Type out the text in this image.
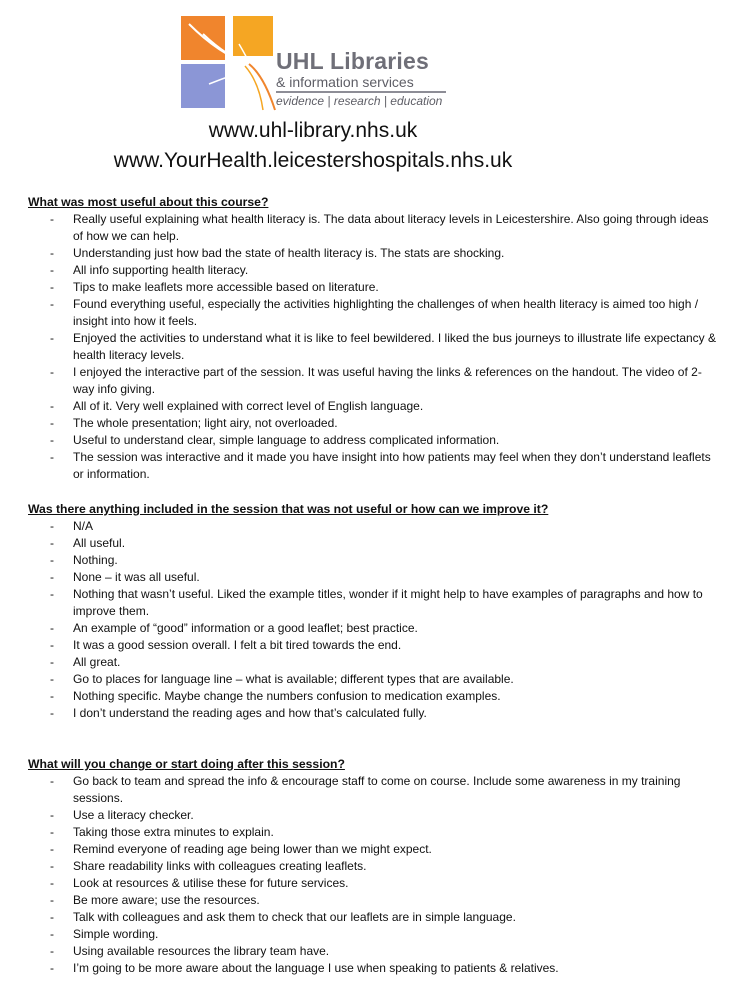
UHL Libraries
& information services
evidence | research | education
www.uhl-library.nhs.uk
www.YourHealth.leicestershospitals.nhs.uk
What was most useful about this course?
- Really useful explaining what health literacy is. The data about literacy levels in Leicestershire. Also going through ideas of how we can help.
- Understanding just how bad the state of health literacy is. The stats are shocking.
- All info supporting health literacy.
- Tips to make leaflets more accessible based on literature.
- Found everything useful, especially the activities highlighting the challenges of when health literacy is aimed too high / insight into how it feels.
- Enjoyed the activities to understand what it is like to feel bewildered. I liked the bus journeys to illustrate life expectancy & health literacy levels.
- I enjoyed the interactive part of the session. It was useful having the links & references on the handout. The video of 2-way info giving.
- All of it. Very well explained with correct level of English language.
- The whole presentation; light airy, not overloaded.
- Useful to understand clear, simple language to address complicated information.
- The session was interactive and it made you have insight into how patients may feel when they don’t understand leaflets or information.
Was there anything included in the session that was not useful or how can we improve it?
- N/A
- All useful.
- Nothing.
- None – it was all useful.
- Nothing that wasn’t useful. Liked the example titles, wonder if it might help to have examples of paragraphs and how to improve them.
- An example of “good” information or a good leaflet; best practice.
- It was a good session overall. I felt a bit tired towards the end.
- All great.
- Go to places for language line – what is available; different types that are available.
- Nothing specific. Maybe change the numbers confusion to medication examples.
- I don’t understand the reading ages and how that’s calculated fully.
What will you change or start doing after this session?
- Go back to team and spread the info & encourage staff to come on course. Include some awareness in my training sessions.
- Use a literacy checker.
- Taking those extra minutes to explain.
- Remind everyone of reading age being lower than we might expect.
- Share readability links with colleagues creating leaflets.
- Look at resources & utilise these for future services.
- Be more aware; use the resources.
- Talk with colleagues and ask them to check that our leaflets are in simple language.
- Simple wording.
- Using available resources the library team have.
- I’m going to be more aware about the language I use when speaking to patients & relatives.
